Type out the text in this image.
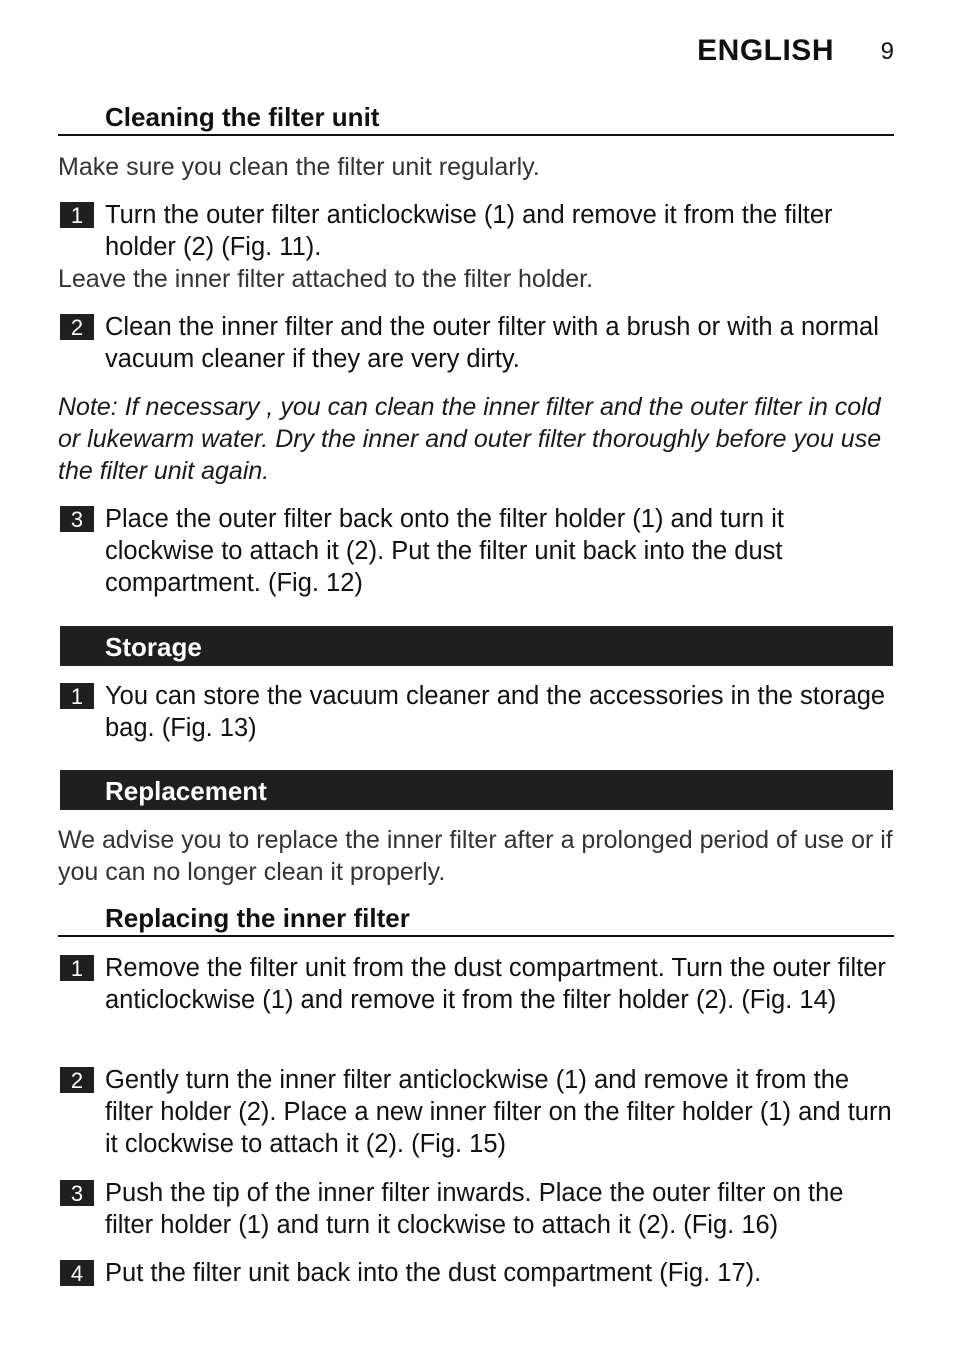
ENGLISH 9
Cleaning the filter unit
Make sure you clean the filter unit regularly.
1 Turn the outer filter anticlockwise (1) and remove it from the filter holder (2) (Fig. 11).
Leave the inner filter attached to the filter holder.
2 Clean the inner filter and the outer filter with a brush or with a normal vacuum cleaner if they are very dirty.
Note: If necessary , you can clean the inner filter and the outer filter in cold or lukewarm water. Dry the inner and outer filter thoroughly before you use the filter unit again.
3 Place the outer filter back onto the filter holder (1) and turn it clockwise to attach it (2). Put the filter unit back into the dust compartment. (Fig. 12)
Storage
1 You can store the vacuum cleaner and the accessories in the storage bag. (Fig. 13)
Replacement
We advise you to replace the inner filter after a prolonged period of use or if you can no longer clean it properly.
Replacing the inner filter
1 Remove the filter unit from the dust compartment. Turn the outer filter anticlockwise (1) and remove it from the filter holder (2). (Fig. 14)
2 Gently turn the inner filter anticlockwise (1) and remove it from the filter holder (2). Place a new inner filter on the filter holder (1) and turn it clockwise to attach it (2). (Fig. 15)
3 Push the tip of the inner filter inwards. Place the outer filter on the filter holder (1) and turn it clockwise to attach it (2). (Fig. 16)
4 Put the filter unit back into the dust compartment (Fig. 17).
